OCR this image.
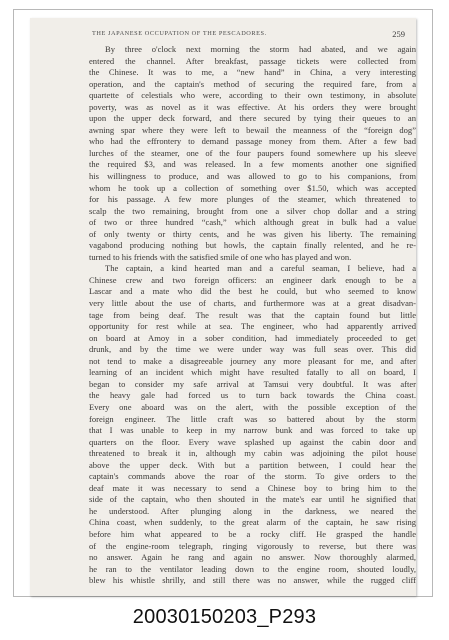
THE JAPANESE OCCUPATION OF THE PESCADORES.	259

By three o'clock next morning the storm had abated, and we again

entered the channel. After breakfast, passage tickets were collected from

the Chinese. It was to me, a “new hand” in China, a very interesting

operation, and the captain's method of securing the required fare, from a

quartette of celestials who were, according to their own testimony, in absolute

poverty, was as novel as it was effective. At his orders they were brought

upon the upper deck forward, and there secured by tying their queues to an

awning spar where they were left to bewail the meanness of the “foreign dog”

who had the effrontery to demand passage money from them. After a few bad

lurches of the steamer, one of the four paupers found somewhere up his sleeve

the required $3, and was released. In a few moments another one signified

his willingness to produce, and was allowed to go to his companions, from

whom he took up a collection of something over $1.50, which was accepted

for his passage. A few more plunges of the steamer, which threatened to

scalp the two remaining, brought from one a silver chop dollar and a string

of two or three hundred “cash,” which although great in bulk had a value

of only twenty or thirty cents, and he was given his liberty. The remaining

vagabond producing nothing but howls, the captain finally relented, and he re-

turned to his friends with the satisfied smile of one who has played and won.

The captain, a kind hearted man and a careful seaman, I believe, had a

Chinese crew and two foreign officers: an engineer dark enough to be a

Lascar and a mate who did the best he could, but who seemed to know

very little about the use of charts, and furthermore was at a great disadvan-

tage from being deaf. The result was that the captain found but little

opportunity for rest while at sea. The engineer, who had apparently arrived

on board at Amoy in a sober condition, had immediately proceeded to get

drunk, and by the time we were under way was full seas over. This did

not tend to make a disagreeable journey any more pleasant for me, and after

learning of an incident which might have resulted fatally to all on board, I

began to consider my safe arrival at Tamsui very doubtful. It was after

the heavy gale had forced us to turn back towards the China coast.

Every one aboard was on the alert, with the possible exception of the

foreign engineer. The little craft was so battered about by the storm

that I was unable to keep in my narrow bunk and was forced to take up

quarters on the floor. Every wave splashed up against the cabin door and

threatened to break it in, although my cabin was adjoining the pilot house

above the upper deck. With but a partition between, I could hear the

captain's commands above the roar of the storm. To give orders to the

deaf mate it was necessary to send a Chinese boy to bring him to the

side of the captain, who then shouted in the mate's ear until he signified that

he understood. After plunging along in the darkness, we neared the

China coast, when suddenly, to the great alarm of the captain, he saw rising

before him what appeared to be a rocky cliff. He grasped the handle

of the engine-room telegraph, ringing vigorously to reverse, but there was

no answer. Again he rang and again no answer. Now thoroughly alarmed,

he ran to the ventilator leading down to the engine room, shouted loudly,

blew his whistle shrilly, and still there was no answer, while the rugged cliff

20030150203_P293
